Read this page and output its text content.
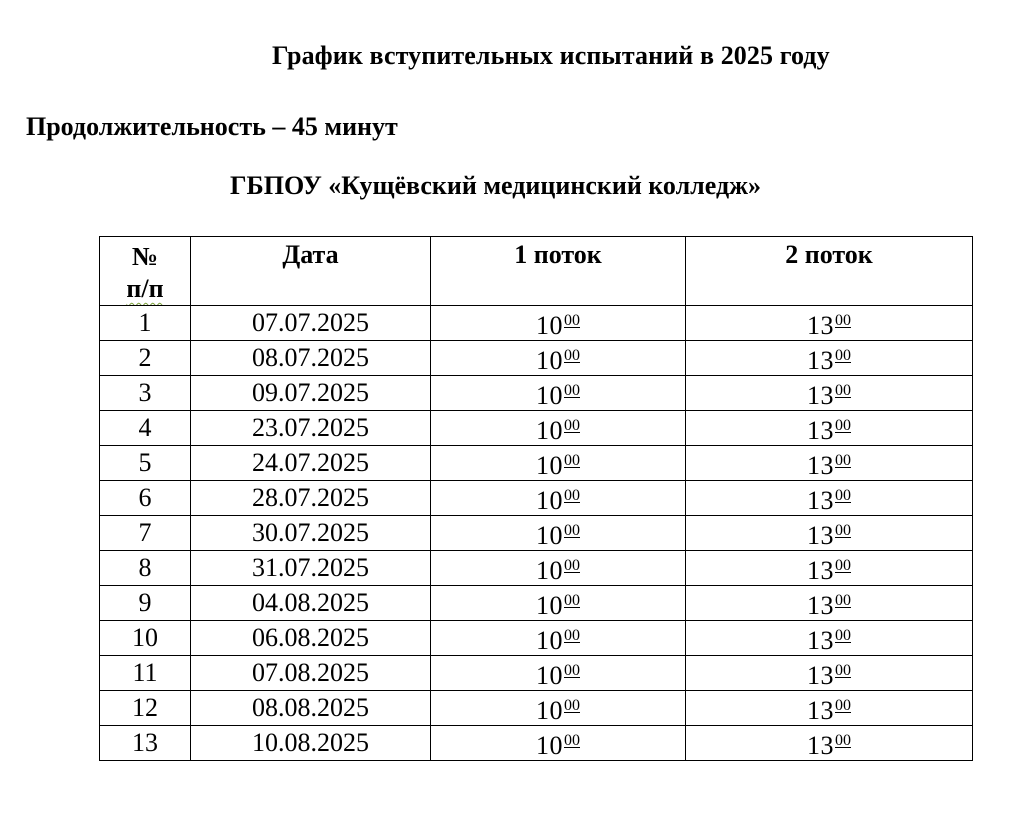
График вступительных испытаний в 2025 году
Продолжительность – 45 минут
ГБПОУ «Кущёвский медицинский колледж»
№
п/п	Дата	1 поток	2 поток
1	07.07.2025	$10^{00}$	$13^{00}$
2	08.07.2025	$10^{00}$	$13^{00}$
3	09.07.2025	$10^{00}$	$13^{00}$
4	23.07.2025	$10^{00}$	$13^{00}$
5	24.07.2025	$10^{00}$	$13^{00}$
6	28.07.2025	$10^{00}$	$13^{00}$
7	30.07.2025	$10^{00}$	$13^{00}$
8	31.07.2025	$10^{00}$	$13^{00}$
9	04.08.2025	$10^{00}$	$13^{00}$
10	06.08.2025	$10^{00}$	$13^{00}$
11	07.08.2025	$10^{00}$	$13^{00}$
12	08.08.2025	$10^{00}$	$13^{00}$
13	10.08.2025	$10^{00}$	$13^{00}$
